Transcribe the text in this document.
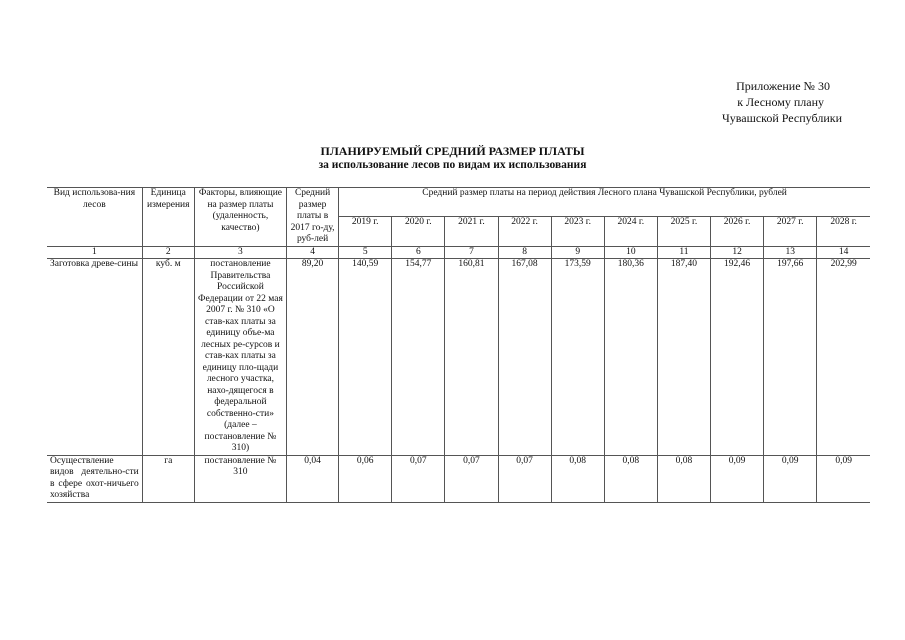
Приложение № 30
к Лесному плану
Чувашской Республики
ПЛАНИРУЕМЫЙ СРЕДНИЙ РАЗМЕР ПЛАТЫ
за использование лесов по видам их использования
Вид использова-ния лесов	Единица измерения	Факторы, влияющие на размер платы (удаленность, качество)	Средний размер платы в 2017 го-ду, руб-лей	Средний размер платы на период действия Лесного плана Чувашской Республики, рублей									
				2019 г.	2020 г.	2021 г.	2022 г.	2023 г.	2024 г.	2025 г.	2026 г.	2027 г.	2028 г.
1	2	3	4	5	6	7	8	9	10	11	12	13	14
Заготовка древе-сины	куб. м	постановление Правительства Российской Федерации от 22 мая 2007 г. № 310 «О став-ках платы за единицу объе-ма лесных ре-сурсов и став-ках платы за единицу пло-щади лесного участка, нахо-дящегося в федеральной собственно-сти» (далее – постановление № 310)	89,20	140,59	154,77	160,81	167,08	173,59	180,36	187,40	192,46	197,66	202,99
Осуществление видов деятельно-сти в сфере охот-ничьего хозяйства	га	постановление № 310	0,04	0,06	0,07	0,07	0,07	0,08	0,08	0,08	0,09	0,09	0,09
